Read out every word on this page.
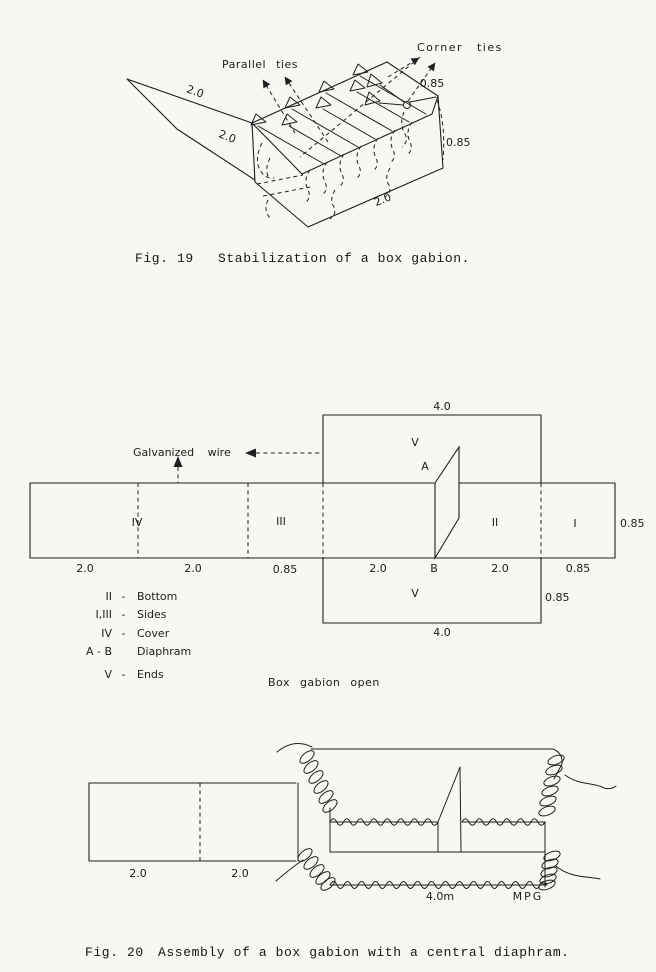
Parallel ties
Corner ties
2.0
2.0
0.85
0.85
2.0
Fig. 19 Stabilization of a box gabion.
Galvanized wire
4.0
V
A
IV	III	II	I	0.85
2.0	2.0	0.85	2.0	B	2.0	0.85
0.85
V
4.0
Box gabion open
II - Bottom
I,III - Sides
IV - Cover
A - B Diaphram
V - Ends
2.0	2.0
4.0m	MPG
Fig. 20 Assembly of a box gabion with a central diaphram.
